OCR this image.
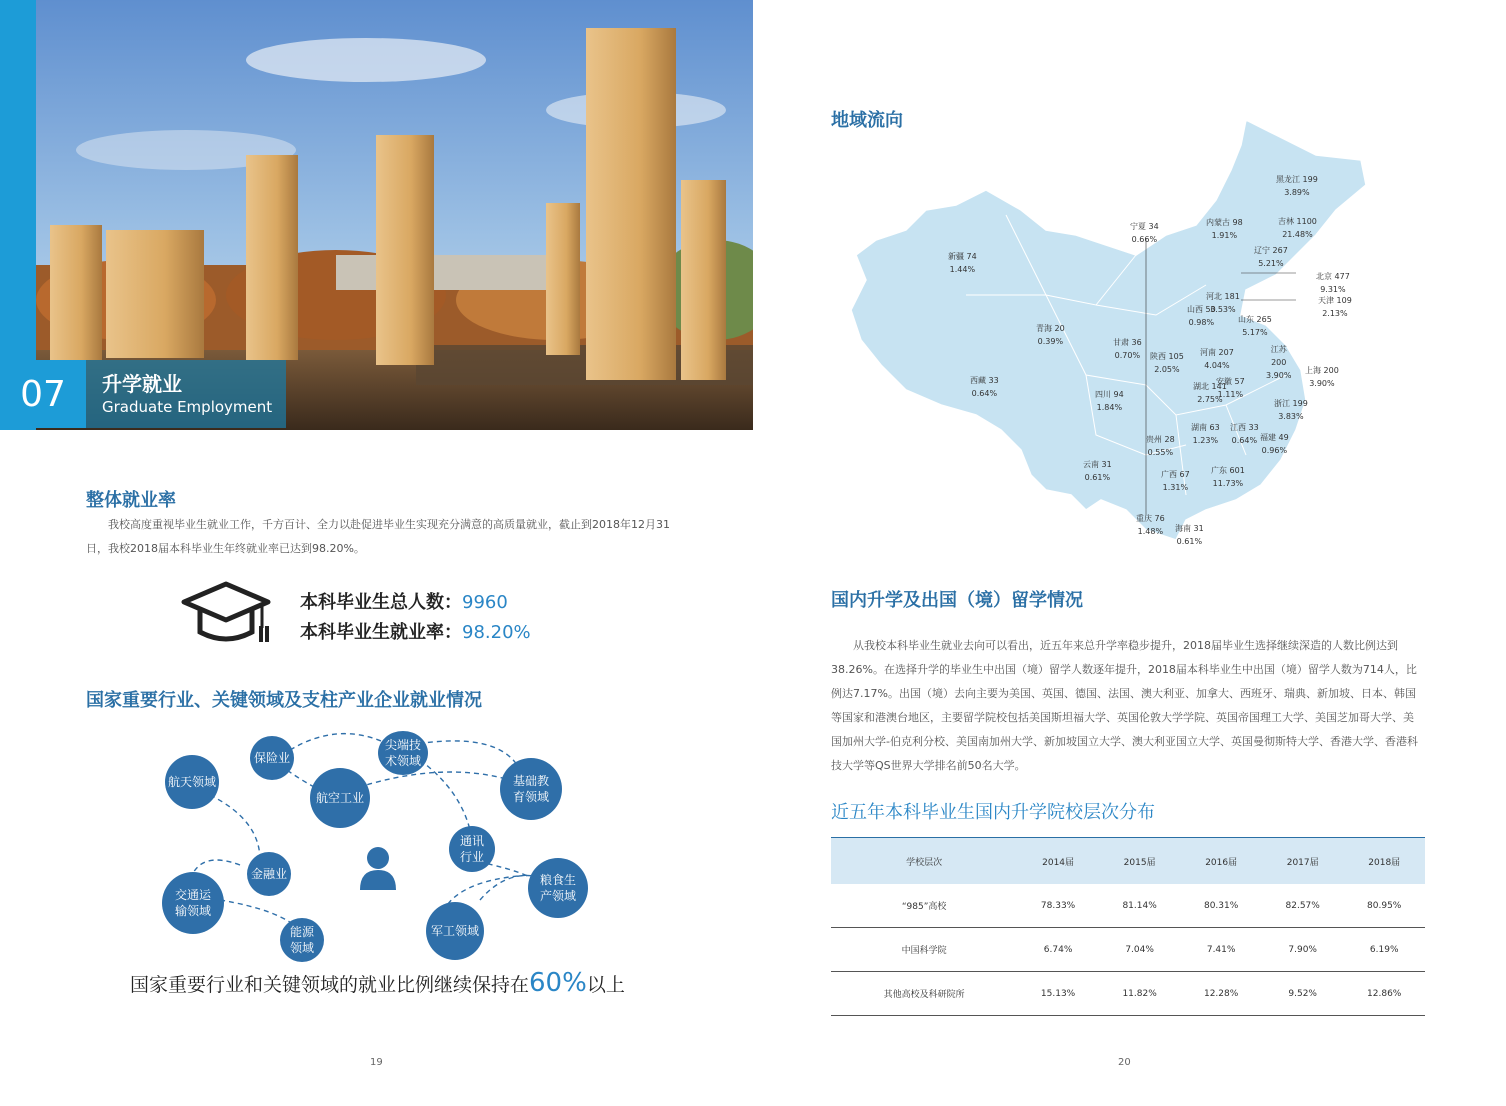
07	升学就业
Graduate Employment
整体就业率
我校高度重视毕业生就业工作，千方百计、全力以赴促进毕业生实现充分满意的高质量就业，截止到2018年12月31日，我校2018届本科毕业生年终就业率已达到98.20%。
本科毕业生总人数：9960
本科毕业生就业率：98.20%
国家重要行业、关键领域及支柱产业企业就业情况
保险业
尖端技术领域
航天领域
航空工业
基础教育领域
通讯行业
金融业	粮食生产领域
交通运输领域
能源领域
军工领域
国家重要行业和关键领域的就业比例继续保持在60%以上
19
地域流向
黑龙江 199
3.89%
吉林 1100
21.48%
内蒙古 98
1.91%
宁夏 34
0.66%
辽宁 267
5.21%
新疆 74
1.44%
北京 477
9.31%
天津 109
2.13%
河北 181
3.53%
山西 50
0.98%	山东 265
5.17%
青海 20
0.39%	甘肃 36
0.70% 陕西 105
2.05%
河南 207
4.04%
江苏
200
3.90%
上海 200
3.90%
西藏 33
0.64%	四川 94
1.84%
湖北 141
2.75%
安徽 57
1.11%
浙江 199
3.83%
湖南 63
1.23%
江西 33
0.64%
贵州 28
0.55%
福建 49
0.96%
云南 31
0.61%	广西 67
1.31%
广东 601
11.73%
重庆 76
1.48% 海南 31
0.61%
国内升学及出国（境）留学情况
从我校本科毕业生就业去向可以看出，近五年来总升学率稳步提升，2018届毕业生选择继续深造的人数比例达到38.26%。在选择升学的毕业生中出国（境）留学人数逐年提升，2018届本科毕业生中出国（境）留学人数为714人，比例达7.17%。出国（境）去向主要为美国、英国、德国、法国、澳大利亚、加拿大、西班牙、瑞典、新加坡、日本、韩国等国家和港澳台地区，主要留学院校包括美国斯坦福大学、英国伦敦大学学院、英国帝国理工大学、美国芝加哥大学、美国加州大学-伯克利分校、美国南加州大学、新加坡国立大学、澳大利亚国立大学、英国曼彻斯特大学、香港大学、香港科技大学等QS世界大学排名前50名大学。
近五年本科毕业生国内升学院校层次分布
学校层次	2014届	2015届	2016届	2017届	2018届
“985”高校	78.33%	81.14%	80.31%	82.57%	80.95%
中国科学院	6.74%	7.04%	7.41%	7.90%	6.19%
其他高校及科研院所	15.13%	11.82%	12.28%	9.52%	12.86%
20
